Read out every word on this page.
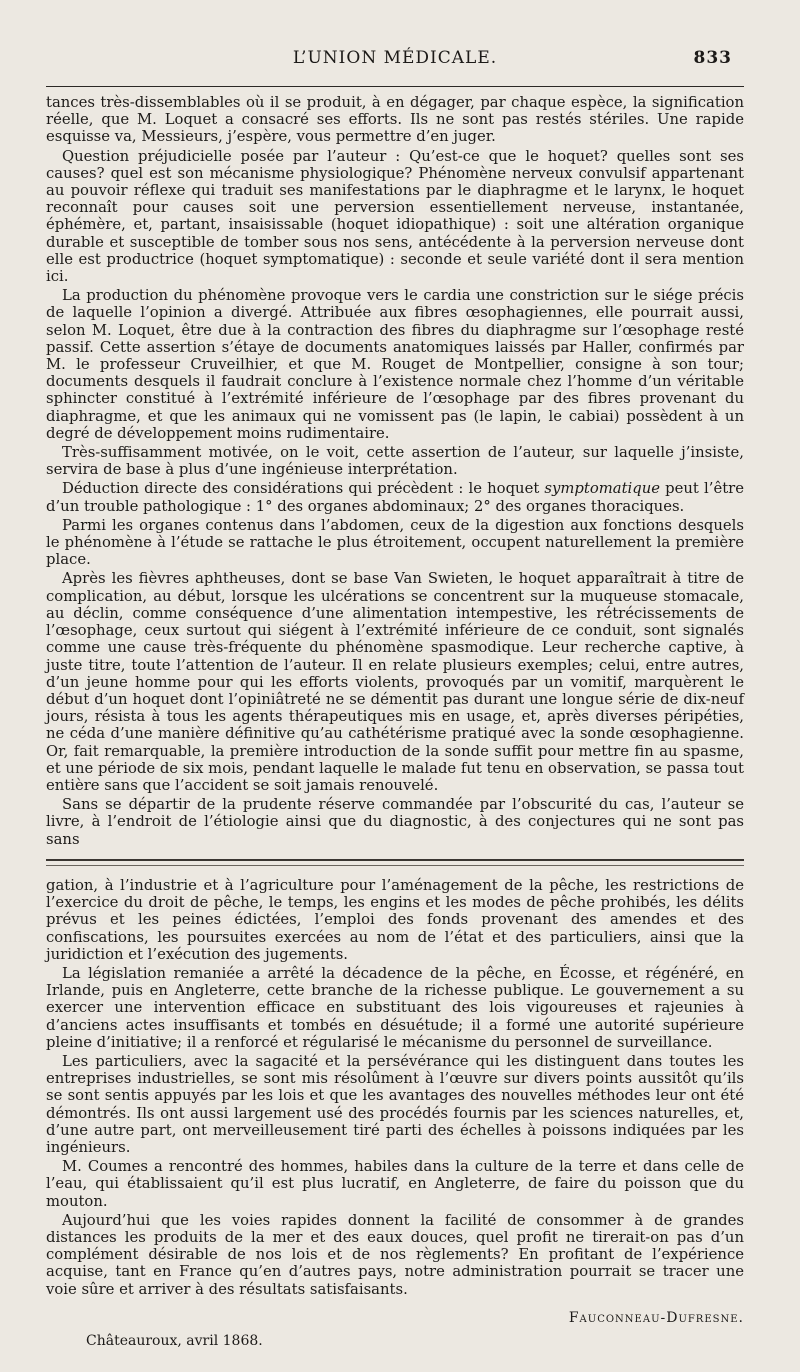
L’UNION MÉDICALE.	833

tances très-dissemblables où il se produit, à en dégager, par chaque espèce, la signification réelle, que M. Loquet a consacré ses efforts. Ils ne sont pas restés stériles. Une rapide esquisse va, Messieurs, j’espère, vous permettre d’en juger.

Question préjudicielle posée par l’auteur : Qu’est-ce que le hoquet? quelles sont ses causes? quel est son mécanisme physiologique? Phénomène nerveux convulsif appartenant au pouvoir réflexe qui traduit ses manifestations par le diaphragme et le larynx, le hoquet reconnaît pour causes soit une perversion essentiellement nerveuse, instantanée, éphémère, et, partant, insaisissable (hoquet idiopathique) : soit une altération organique durable et susceptible de tomber sous nos sens, antécédente à la perversion nerveuse dont elle est productrice (hoquet symptomatique) : seconde et seule variété dont il sera mention ici.

La production du phénomène provoque vers le cardia une constriction sur le siége précis de laquelle l’opinion a divergé. Attribuée aux fibres œsophagiennes, elle pourrait aussi, selon M. Loquet, être due à la contraction des fibres du diaphragme sur l’œsophage resté passif. Cette assertion s’étaye de documents anatomiques laissés par Haller, confirmés par M. le professeur Cruveilhier, et que M. Rouget de Montpellier, consigne à son tour; documents desquels il faudrait conclure à l’existence normale chez l’homme d’un véritable sphincter constitué à l’extrémité inférieure de l’œsophage par des fibres provenant du diaphragme, et que les animaux qui ne vomissent pas (le lapin, le cabiai) possèdent à un degré de développement moins rudimentaire.

Très-suffisamment motivée, on le voit, cette assertion de l’auteur, sur laquelle j’insiste, servira de base à plus d’une ingénieuse interprétation.

Déduction directe des considérations qui précèdent : le hoquet symptomatique peut l’être d’un trouble pathologique : 1° des organes abdominaux; 2° des organes thoraciques.

Parmi les organes contenus dans l’abdomen, ceux de la digestion aux fonctions desquels le phénomène à l’étude se rattache le plus étroitement, occupent naturellement la première place.

Après les fièvres aphtheuses, dont se base Van Swieten, le hoquet apparaîtrait à titre de complication, au début, lorsque les ulcérations se concentrent sur la muqueuse stomacale, au déclin, comme conséquence d’une alimentation intempestive, les rétrécissements de l’œsophage, ceux surtout qui siégent à l’extrémité inférieure de ce conduit, sont signalés comme une cause très-fréquente du phénomène spasmodique. Leur recherche captive, à juste titre, toute l’attention de l’auteur. Il en relate plusieurs exemples; celui, entre autres, d’un jeune homme pour qui les efforts violents, provoqués par un vomitif, marquèrent le début d’un hoquet dont l’opiniâtreté ne se démentit pas durant une longue série de dix-neuf jours, résista à tous les agents thérapeutiques mis en usage, et, après diverses péripéties, ne céda d’une manière définitive qu’au cathétérisme pratiqué avec la sonde œsophagienne. Or, fait remarquable, la première introduction de la sonde suffit pour mettre fin au spasme, et une période de six mois, pendant laquelle le malade fut tenu en observation, se passa tout entière sans que l’accident se soit jamais renouvelé.

Sans se départir de la prudente réserve commandée par l’obscurité du cas, l’auteur se livre, à l’endroit de l’étiologie ainsi que du diagnostic, à des conjectures qui ne sont pas sans

gation, à l’industrie et à l’agriculture pour l’aménagement de la pêche, les restrictions de l’exercice du droit de pêche, le temps, les engins et les modes de pêche prohibés, les délits prévus et les peines édictées, l’emploi des fonds provenant des amendes et des confiscations, les poursuites exercées au nom de l’état et des particuliers, ainsi que la juridiction et l’exécution des jugements.

La législation remaniée a arrêté la décadence de la pêche, en Écosse, et régénéré, en Irlande, puis en Angleterre, cette branche de la richesse publique. Le gouvernement a su exercer une intervention efficace en substituant des lois vigoureuses et rajeunies à d’anciens actes insuffisants et tombés en désuétude; il a formé une autorité supérieure pleine d’initiative; il a renforcé et régularisé le mécanisme du personnel de surveillance.

Les particuliers, avec la sagacité et la persévérance qui les distinguent dans toutes les entreprises industrielles, se sont mis résolûment à l’œuvre sur divers points aussitôt qu’ils se sont sentis appuyés par les lois et que les avantages des nouvelles méthodes leur ont été démontrés. Ils ont aussi largement usé des procédés fournis par les sciences naturelles, et, d’une autre part, ont merveilleusement tiré parti des échelles à poissons indiquées par les ingénieurs.

M. Coumes a rencontré des hommes, habiles dans la culture de la terre et dans celle de l’eau, qui établissaient qu’il est plus lucratif, en Angleterre, de faire du poisson que du mouton.

Aujourd’hui que les voies rapides donnent la facilité de consommer à de grandes distances les produits de la mer et des eaux douces, quel profit ne tirerait-on pas d’un complément désirable de nos lois et de nos règlements? En profitant de l’expérience acquise, tant en France qu’en d’autres pays, notre administration pourrait se tracer une voie sûre et arriver à des résultats satisfaisants.

Fauconneau-Dufresne.
Châteauroux, avril 1868.
